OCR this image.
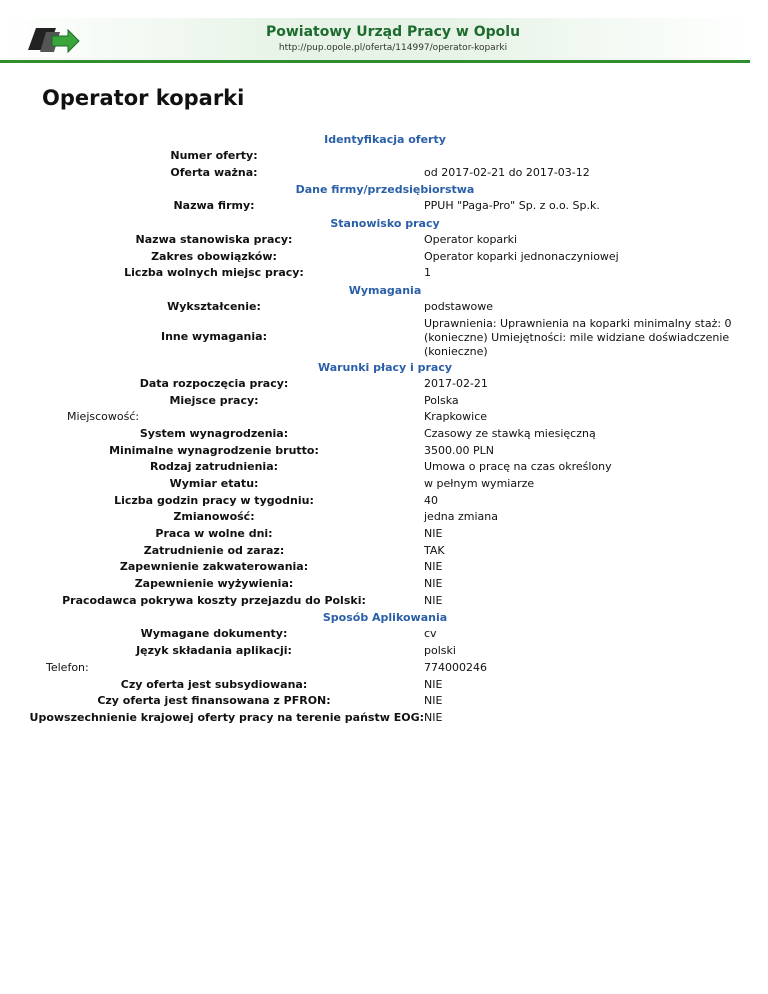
Powiatowy Urząd Pracy w Opolu
http://pup.opole.pl/oferta/114997/operator-koparki
Operator koparki
Identyfikacja oferty
Numer oferty:
Oferta ważna:	od 2017-02-21 do 2017-03-12
Dane firmy/przedsiębiorstwa
Nazwa firmy:	PPUH "Paga-Pro" Sp. z o.o. Sp.k.
Stanowisko pracy
Nazwa stanowiska pracy:	Operator koparki
Zakres obowiązków:	Operator koparki jednonaczyniowej
Liczba wolnych miejsc pracy:	1
Wymagania
Wykształcenie:	podstawowe
Inne wymagania:
Uprawnienia: Uprawnienia na koparki minimalny staż: 0 (konieczne) Umiejętności: mile widziane doświadczenie (konieczne)
Warunki płacy i pracy
Data rozpoczęcia pracy:	2017-02-21
Miejsce pracy:	Polska
Miejscowość:	Krapkowice
System wynagrodzenia:	Czasowy ze stawką miesięczną
Minimalne wynagrodzenie brutto:	3500.00 PLN
Rodzaj zatrudnienia:	Umowa o pracę na czas określony
Wymiar etatu:	w pełnym wymiarze
Liczba godzin pracy w tygodniu:	40
Zmianowość:	jedna zmiana
Praca w wolne dni:	NIE
Zatrudnienie od zaraz:	TAK
Zapewnienie zakwaterowania:	NIE
Zapewnienie wyżywienia:	NIE
Pracodawca pokrywa koszty przejazdu do Polski:	NIE
Sposób Aplikowania
Wymagane dokumenty:	cv
Język składania aplikacji:	polski
Telefon:	774000246
Czy oferta jest subsydiowana:	NIE
Czy oferta jest finansowana z PFRON:	NIE
Upowszechnienie krajowej oferty pracy na terenie państw EOG: NIE
